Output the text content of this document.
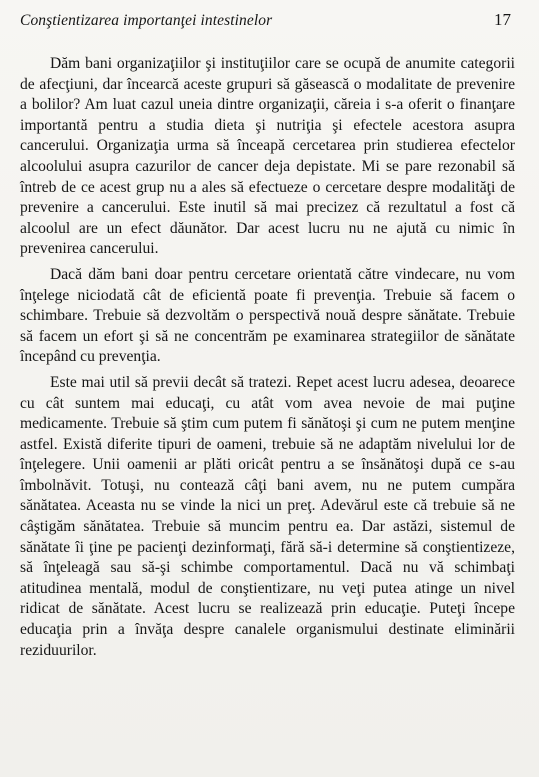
Conştientizarea importanţei intestinelor	17

Dăm bani organizaţiilor şi instituţiilor care se ocupă de anumite categorii de afecţiuni, dar încearcă aceste grupuri să găsească o modalitate de prevenire a bolilor? Am luat cazul uneia dintre organizaţii, căreia i s-a oferit o finanţare importantă pentru a studia dieta şi nutriţia şi efectele acestora asupra cancerului. Organizaţia urma să înceapă cercetarea prin studierea efectelor alcoolului asupra cazurilor de cancer deja depistate. Mi se pare rezonabil să întreb de ce acest grup nu a ales să efectueze o cercetare despre modalităţi de prevenire a cancerului. Este inutil să mai precizez că rezultatul a fost că alcoolul are un efect dăunător. Dar acest lucru nu ne ajută cu nimic în prevenirea cancerului.

Dacă dăm bani doar pentru cercetare orientată către vindecare, nu vom înţelege niciodată cât de eficientă poate fi prevenţia. Trebuie să facem o schimbare. Trebuie să dezvoltăm o perspectivă nouă despre sănătate. Trebuie să facem un efort şi să ne concentrăm pe examinarea strategiilor de sănătate începând cu prevenţia.

Este mai util să previi decât să tratezi. Repet acest lucru adesea, deoarece cu cât suntem mai educaţi, cu atât vom avea nevoie de mai puţine medicamente. Trebuie să ştim cum putem fi sănătoşi şi cum ne putem menţine astfel. Există diferite tipuri de oameni, trebuie să ne adaptăm nivelului lor de înţelegere. Unii oamenii ar plăti oricât pentru a se însănătoşi după ce s-au îmbolnăvit. Totuşi, nu contează câţi bani avem, nu ne putem cumpăra sănătatea. Aceasta nu se vinde la nici un preţ. Adevărul este că trebuie să ne câştigăm sănătatea. Trebuie să muncim pentru ea. Dar astăzi, sistemul de sănătate îi ţine pe pacienţi dezinformaţi, fără să-i determine să conştientizeze, să înţeleagă sau să-şi schimbe comportamentul. Dacă nu vă schimbaţi atitudinea mentală, modul de conştientizare, nu veţi putea atinge un nivel ridicat de sănătate. Acest lucru se realizează prin educaţie. Puteţi începe educaţia prin a învăţa despre canalele organismului destinate eliminării reziduurilor.
